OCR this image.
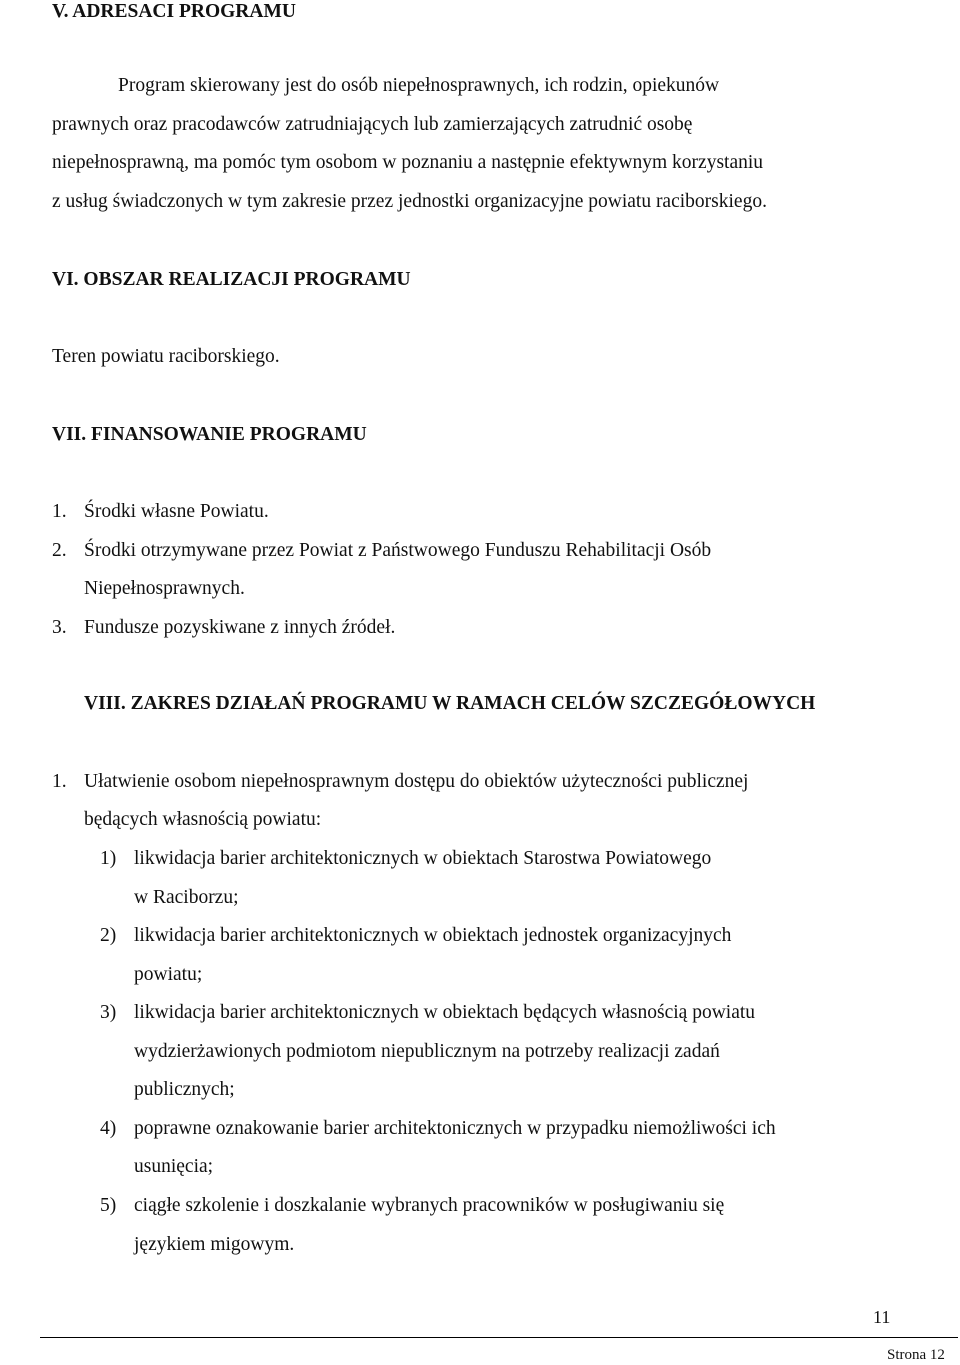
V. ADRESACI PROGRAMU
Program skierowany jest do osób niepełnosprawnych, ich rodzin, opiekunów
prawnych oraz pracodawców zatrudniających lub zamierzających zatrudnić osobę
niepełnosprawną, ma pomóc tym osobom w poznaniu a następnie efektywnym korzystaniu
z usług świadczonych w tym zakresie przez jednostki organizacyjne powiatu raciborskiego.
VI. OBSZAR REALIZACJI PROGRAMU
Teren powiatu raciborskiego.
VII. FINANSOWANIE PROGRAMU
1. Środki własne Powiatu.
2. Środki otrzymywane przez Powiat z Państwowego Funduszu Rehabilitacji Osób
Niepełnosprawnych.
3. Fundusze pozyskiwane z innych źródeł.
VIII. ZAKRES DZIAŁAŃ PROGRAMU W RAMACH CELÓW SZCZEGÓŁOWYCH
1. Ułatwienie osobom niepełnosprawnym dostępu do obiektów użyteczności publicznej
będących własnością powiatu:
1) likwidacja barier architektonicznych w obiektach Starostwa Powiatowego
w Raciborzu;
2) likwidacja barier architektonicznych w obiektach jednostek organizacyjnych
powiatu;
3) likwidacja barier architektonicznych w obiektach będących własnością powiatu
wydzierżawionych podmiotom niepublicznym na potrzeby realizacji zadań
publicznych;
4) poprawne oznakowanie barier architektonicznych w przypadku niemożliwości ich
usunięcia;
5) ciągłe szkolenie i doszkalanie wybranych pracowników w posługiwaniu się
językiem migowym.
11
Strona 12
